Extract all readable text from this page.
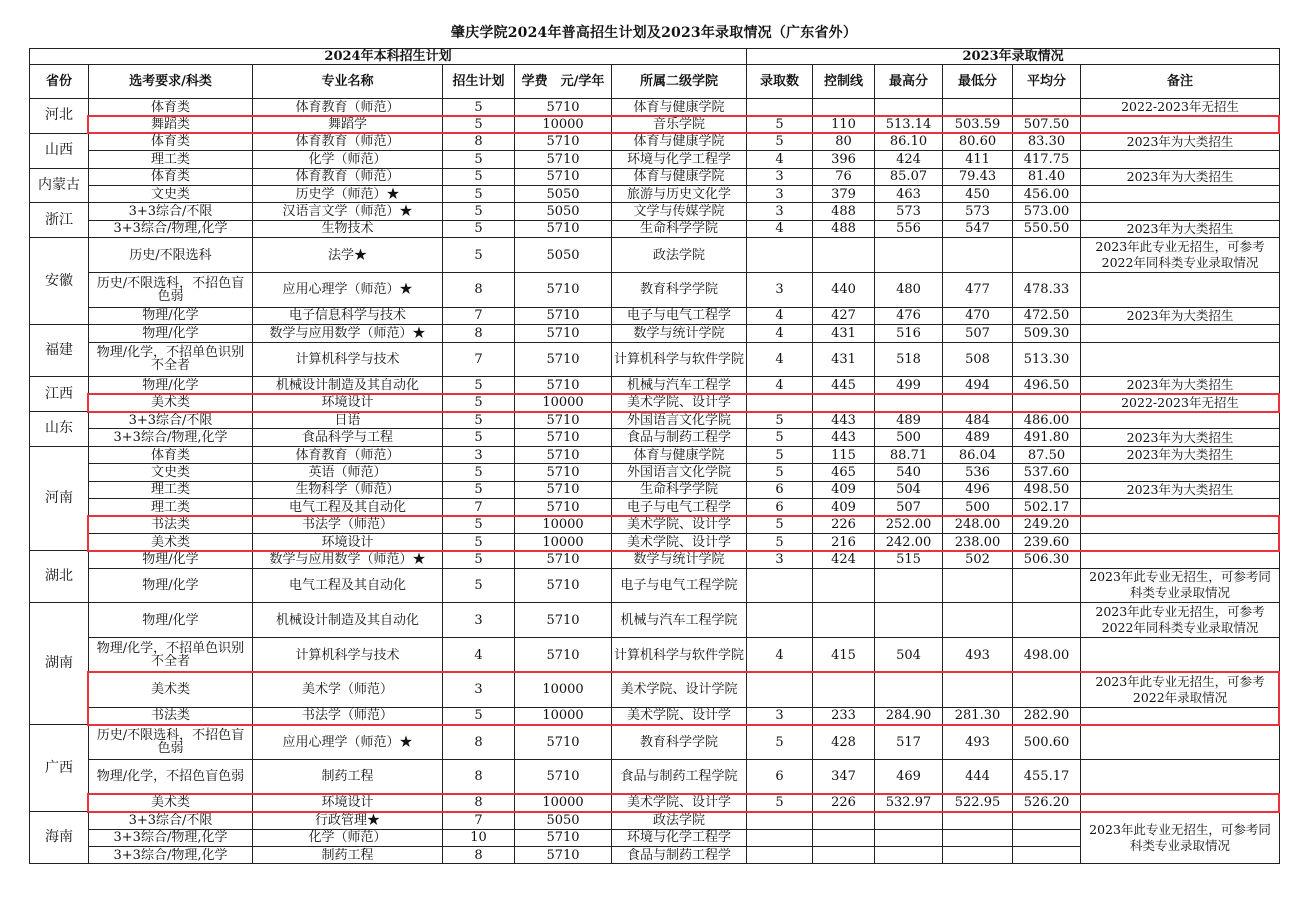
肇庆学院2024年普高招生计划及2023年录取情况（广东省外）
2024年本科招生计划						2023年录取情况					
省份	选考要求/科类	专业名称	招生计划	学费　元/学年	所属二级学院	录取数	控制线	最高分	最低分	平均分	备注
河北	体育类	体育教育（师范）	5	5710	体育与健康学院						2022-2023年无招生
	舞蹈类	舞蹈学	5	10000	音乐学院	5	110	513.14	503.59	507.50	
山西	体育类	体育教育（师范）	8	5710	体育与健康学院	5	80	86.10	80.60	83.30	2023年为大类招生
	理工类	化学（师范）	5	5710	环境与化学工程学	4	396	424	411	417.75	
内蒙古	体育类	体育教育（师范）	5	5710	体育与健康学院	3	76	85.07	79.43	81.40	2023年为大类招生
	文史类	历史学（师范）★	5	5050	旅游与历史文化学	3	379	463	450	456.00	
浙江	3+3综合/不限	汉语言文学（师范）★	5	5050	文学与传媒学院	3	488	573	573	573.00	
	3+3综合/物理,化学	生物技术	5	5710	生命科学学院	4	488	556	547	550.50	2023年为大类招生
安徽	历史/不限选科	法学★	5	5050	政法学院						2023年此专业无招生，可参考2022年同科类专业录取情况
	历史/不限选科，不招色盲色弱	应用心理学（师范）★	8	5710	教育科学学院	3	440	480	477	478.33	
	物理/化学	电子信息科学与技术	7	5710	电子与电气工程学	4	427	476	470	472.50	2023年为大类招生
福建	物理/化学	数学与应用数学（师范）★	8	5710	数学与统计学院	4	431	516	507	509.30	
	物理/化学，不招单色识别不全者	计算机科学与技术	7	5710	计算机科学与软件学院	4	431	518	508	513.30	
江西	物理/化学	机械设计制造及其自动化	5	5710	机械与汽车工程学	4	445	499	494	496.50	2023年为大类招生
	美术类	环境设计	5	10000	美术学院、设计学						2022-2023年无招生
山东	3+3综合/不限	日语	5	5710	外国语言文化学院	5	443	489	484	486.00	
	3+3综合/物理,化学	食品科学与工程	5	5710	食品与制药工程学	5	443	500	489	491.80	2023年为大类招生
河南	体育类	体育教育（师范）	3	5710	体育与健康学院	5	115	88.71	86.04	87.50	2023年为大类招生
	文史类	英语（师范）	5	5710	外国语言文化学院	5	465	540	536	537.60	
	理工类	生物科学（师范）	5	5710	生命科学学院	6	409	504	496	498.50	2023年为大类招生
	理工类	电气工程及其自动化	7	5710	电子与电气工程学	6	409	507	500	502.17	
	书法类	书法学（师范）	5	10000	美术学院、设计学	5	226	252.00	248.00	249.20	
	美术类	环境设计	5	10000	美术学院、设计学	5	216	242.00	238.00	239.60	
湖北	物理/化学	数学与应用数学（师范）★	5	5710	数学与统计学院	3	424	515	502	506.30	
	物理/化学	电气工程及其自动化	5	5710	电子与电气工程学院						2023年此专业无招生，可参考同科类专业录取情况
湖南	物理/化学	机械设计制造及其自动化	3	5710	机械与汽车工程学院						2023年此专业无招生，可参考2022年同科类专业录取情况
	物理/化学，不招单色识别不全者	计算机科学与技术	4	5710	计算机科学与软件学院	4	415	504	493	498.00	
	美术类	美术学（师范）	3	10000	美术学院、设计学院						2023年此专业无招生，可参考2022年录取情况
	书法类	书法学（师范）	5	10000	美术学院、设计学	3	233	284.90	281.30	282.90	
广西	历史/不限选科，不招色盲色弱	应用心理学（师范）★	8	5710	教育科学学院	5	428	517	493	500.60	
	物理/化学，不招色盲色弱	制药工程	8	5710	食品与制药工程学院	6	347	469	444	455.17	
	美术类	环境设计	8	10000	美术学院、设计学	5	226	532.97	522.95	526.20	
海南	3+3综合/不限	行政管理★	7	5050	政法学院						2023年此专业无招生，可参考同科类专业录取情况
	3+3综合/物理,化学	化学（师范）	10	5710	环境与化学工程学						
	3+3综合/物理,化学	制药工程	8	5710	食品与制药工程学						
